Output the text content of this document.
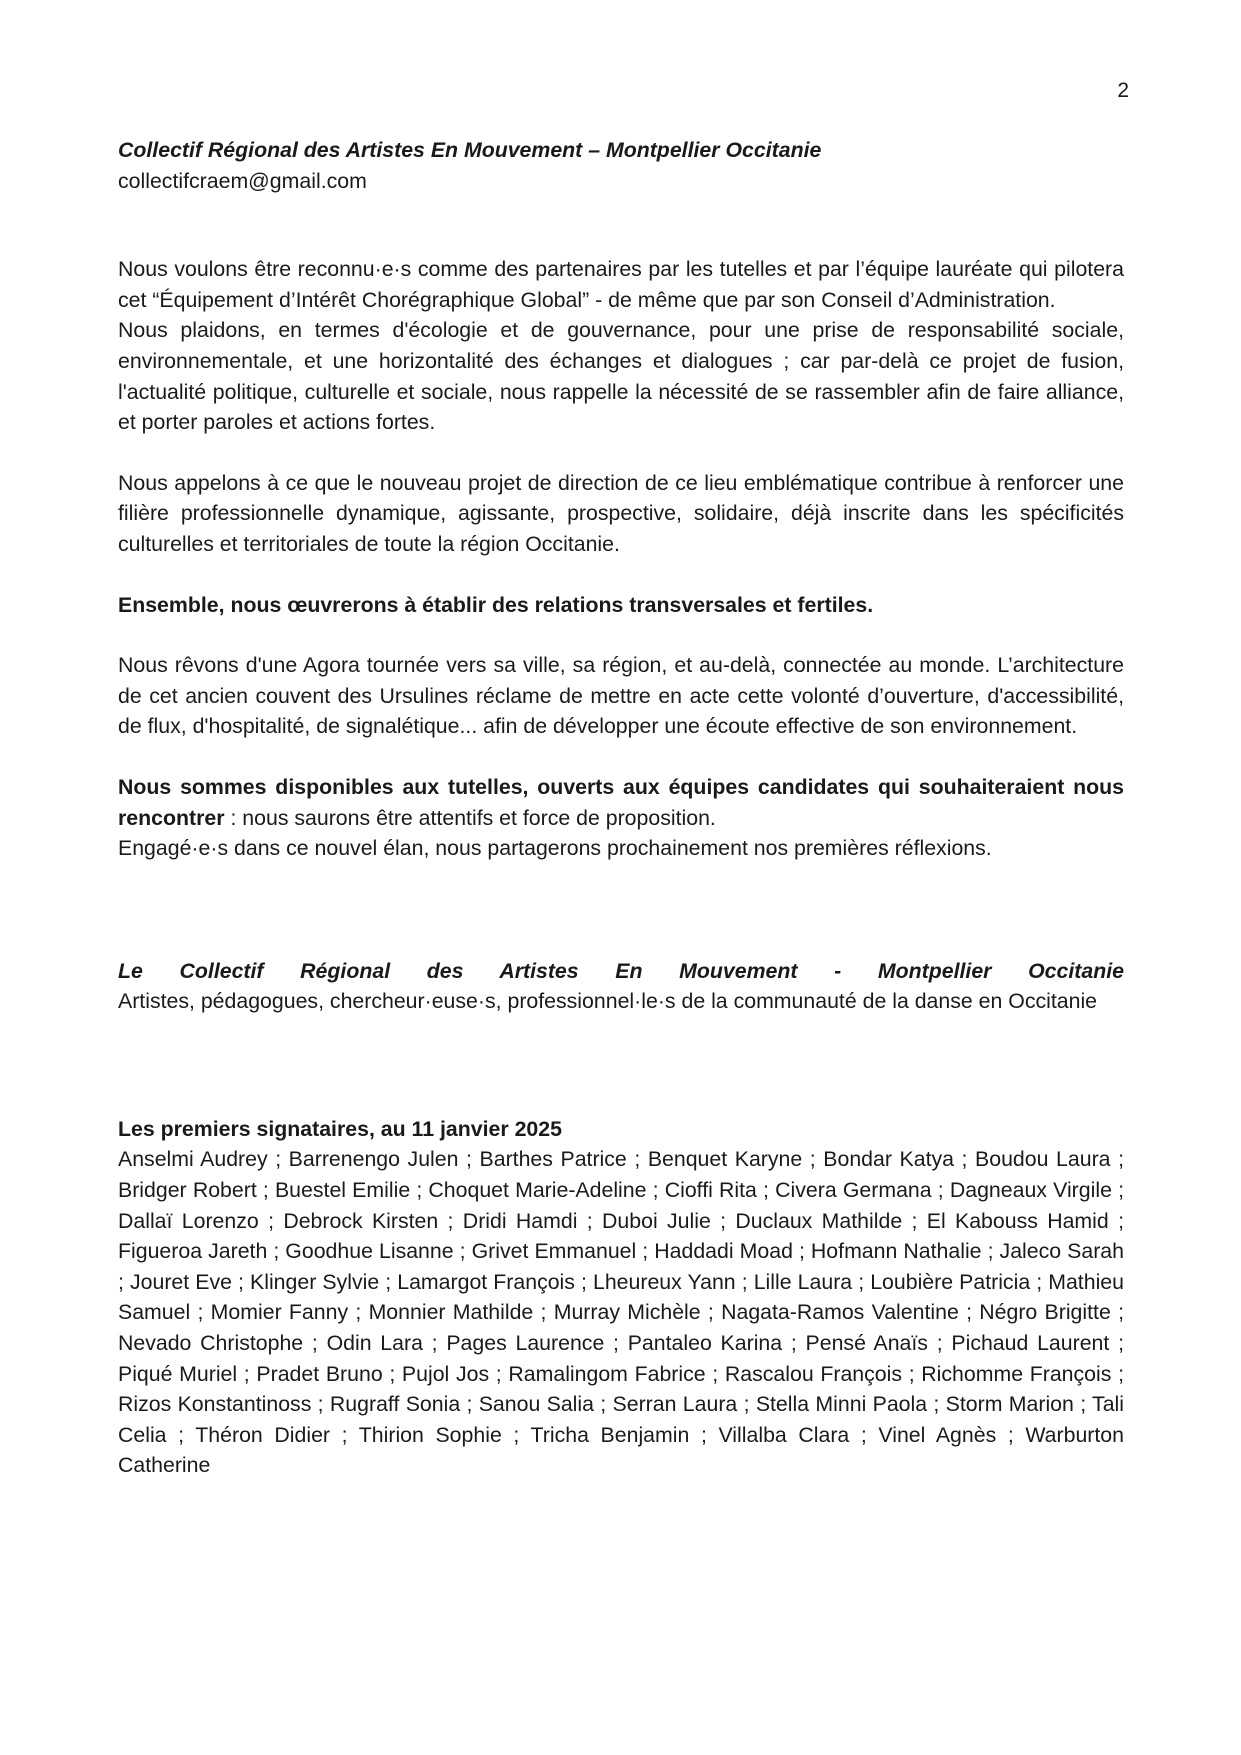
2

Collectif Régional des Artistes En Mouvement – Montpellier Occitanie

collectifcraem@gmail.com

Nous voulons être reconnu·e·s comme des partenaires par les tutelles et par l’équipe lauréate qui pilotera cet “Équipement d’Intérêt Chorégraphique Global” - de même que par son Conseil d’Administration.

Nous plaidons, en termes d'écologie et de gouvernance, pour une prise de responsabilité sociale, environnementale, et une horizontalité des échanges et dialogues ; car par-delà ce projet de fusion, l'actualité politique, culturelle et sociale, nous rappelle la nécessité de se rassembler afin de faire alliance, et porter paroles et actions fortes.

Nous appelons à ce que le nouveau projet de direction de ce lieu emblématique contribue à renforcer une filière professionnelle dynamique, agissante, prospective, solidaire, déjà inscrite dans les spécificités culturelles et territoriales de toute la région Occitanie.

Ensemble, nous œuvrerons à établir des relations transversales et fertiles.

Nous rêvons d'une Agora tournée vers sa ville, sa région, et au-delà, connectée au monde. L’architecture de cet ancien couvent des Ursulines réclame de mettre en acte cette volonté d’ouverture, d'accessibilité, de flux, d'hospitalité, de signalétique... afin de développer une écoute effective de son environnement.

Nous sommes disponibles aux tutelles, ouverts aux équipes candidates qui souhaiteraient nous rencontrer : nous saurons être attentifs et force de proposition.

Engagé·e·s dans ce nouvel élan, nous partagerons prochainement nos premières réflexions.

Le Collectif Régional des Artistes En Mouvement - Montpellier Occitanie

Artistes, pédagogues, chercheur·euse·s, professionnel·le·s de la communauté de la danse en Occitanie

Les premiers signataires, au 11 janvier 2025

Anselmi Audrey ; Barrenengo Julen ; Barthes Patrice ; Benquet Karyne ; Bondar Katya ; Boudou Laura ; Bridger Robert ; Buestel Emilie ; Choquet Marie-Adeline ; Cioffi Rita ; Civera Germana ; Dagneaux Virgile ; Dallaï Lorenzo ; Debrock Kirsten ; Dridi Hamdi ; Duboi Julie ; Duclaux Mathilde ; El Kabouss Hamid ; Figueroa Jareth ; Goodhue Lisanne ; Grivet Emmanuel ; Haddadi Moad ; Hofmann Nathalie ; Jaleco Sarah ; Jouret Eve ; Klinger Sylvie ; Lamargot François ; Lheureux Yann ; Lille Laura ; Loubière Patricia ; Mathieu Samuel ; Momier Fanny ; Monnier Mathilde ; Murray Michèle ; Nagata-Ramos Valentine ; Négro Brigitte ; Nevado Christophe ; Odin Lara ; Pages Laurence ; Pantaleo Karina ; Pensé Anaïs ; Pichaud Laurent ; Piqué Muriel ; Pradet Bruno ; Pujol Jos ; Ramalingom Fabrice ; Rascalou François ; Richomme François ; Rizos Konstantinoss ; Rugraff Sonia ; Sanou Salia ; Serran Laura ; Stella Minni Paola ; Storm Marion ; Tali Celia ; Théron Didier ; Thirion Sophie ; Tricha Benjamin ; Villalba Clara ; Vinel Agnès ; Warburton Catherine
